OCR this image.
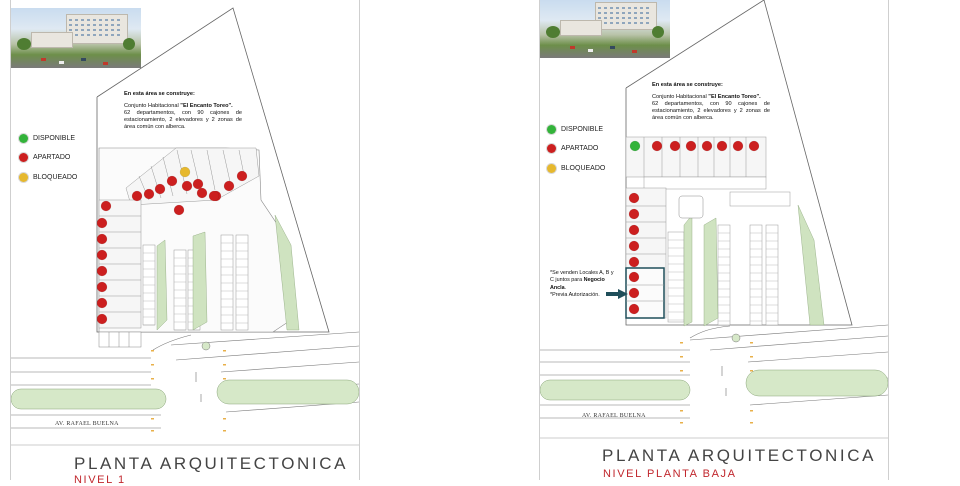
En esta área se construye:
Conjunto Habitacional "El Encanto Toreo".
62 departamentos, con 90 cajones de estacionamiento, 2 elevadores y 2 zonas de área común con alberca.
DISPONIBLE
APARTADO
BLOQUEADO
AV. RAFAEL BUELNA
PLANTA ARQUITECTONICA
NIVEL 1
En esta área se construye:
Conjunto Habitacional "El Encanto Toreo".
62 departamentos, con 90 cajones de estacionamiento, 2 elevadores y 2 zonas de área común con alberca.
DISPONIBLE
APARTADO
BLOQUEADO
*Se venden Locales A, B y
C juntos para Negocio
Ancla.
*Previa Autorización.
AV. RAFAEL BUELNA
PLANTA ARQUITECTONICA
NIVEL PLANTA BAJA
